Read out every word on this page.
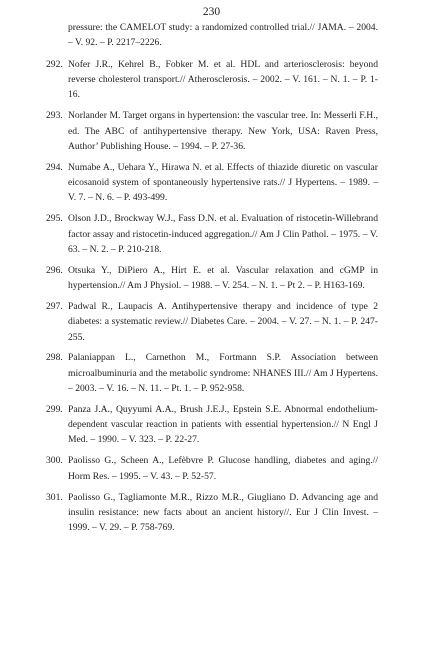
230
pressure: the CAMELOT study: a randomized controlled trial.// JAMA. – 2004. – V. 92. – P. 2217–2226.
292. Nofer J.R., Kehrel B., Fobker M. et al. HDL and arteriosclerosis: beyond reverse cholesterol transport.// Atherosclerosis. – 2002. – V. 161. – N. 1. – P. 1-16.
293. Norlander M. Target organs in hypertension: the vascular tree. In: Messerli F.H., ed. The ABC of antihypertensive therapy. New York, USA: Raven Press, Author’ Publishing House. – 1994. – P. 27-36.
294. Numabe A., Uehara Y., Hirawa N. et al. Effects of thiazide diuretic on vascular eicosanoid system of spontaneously hypertensive rats.// J Hypertens. – 1989. – V. 7. – N. 6. – P. 493-499.
295. Olson J.D., Brockway W.J., Fass D.N. et al. Evaluation of ristocetin-Willebrand factor assay and ristocetin-induced aggregation.// Am J Clin Pathol. – 1975. – V. 63. – N. 2. – P. 210-218.
296. Otsuka Y., DiPiero A., Hirt E. et al. Vascular relaxation and cGMP in hypertension.// Am J Physiol. – 1988. – V. 254. – N. 1. – Pt 2. – P. H163-169.
297. Padwal R., Laupacis A. Antihypertensive therapy and incidence of type 2 diabetes: a systematic review.// Diabetes Care. – 2004. – V. 27. – N. 1. – P. 247-255.
298. Palaniappan L., Carnethon M., Fortmann S.P. Association between microalbuminuria and the metabolic syndrome: NHANES III.// Am J Hypertens. – 2003. – V. 16. – N. 11. – Pt. 1. – P. 952-958.
299. Panza J.A., Quyyumi A.A., Brush J.E.J., Epstein S.E. Abnormal endothelium-dependent vascular reaction in patients with essential hypertension.// N Engl J Med. – 1990. – V. 323. – P. 22-27.
300. Paolisso G., Scheen A., Lefèbvre P. Glucose handling, diabetes and aging.// Horm Res. – 1995. – V. 43. – P. 52-57.
301. Paolisso G., Tagliamonte M.R., Rizzo M.R., Giugliano D. Advancing age and insulin resistance: new facts about an ancient history//. Eur J Clin Invest. – 1999. – V. 29. – P. 758-769.
